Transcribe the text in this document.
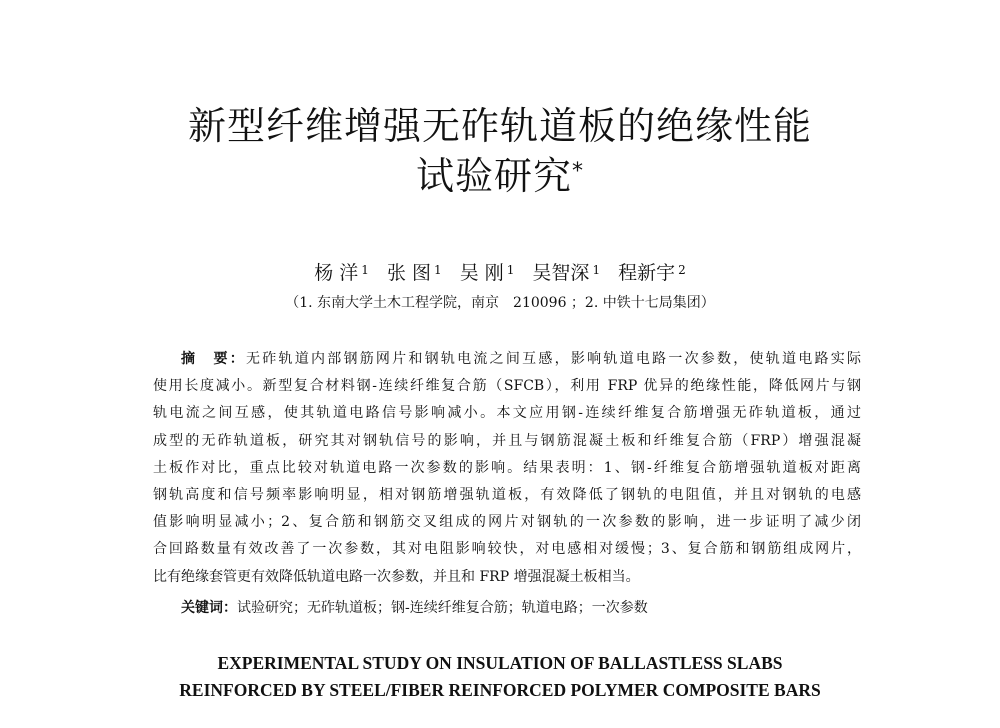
新型纤维增强无砟轨道板的绝缘性能
试验研究*
杨 洋 $^1$ 张 图 $^1$ 吴 刚 $^1$ 吴智深 $^1$ 程新宇 $^2$
（1. 东南大学土木工程学院，南京　210096 ；2. 中铁十七局集团）
摘　要：无砟轨道内部钢筋网片和钢轨电流之间互感，影响轨道电路一次参数，使轨道电路实际
使用长度减小。新型复合材料钢-连续纤维复合筋（SFCB），利用 FRP 优异的绝缘性能，降低网片与钢
轨电流之间互感，使其轨道电路信号影响减小。本文应用钢-连续纤维复合筋增强无砟轨道板，通过
成型的无砟轨道板，研究其对钢轨信号的影响，并且与钢筋混凝土板和纤维复合筋（FRP）增强混凝
土板作对比，重点比较对轨道电路一次参数的影响。结果表明：1、钢-纤维复合筋增强轨道板对距离
钢轨高度和信号频率影响明显，相对钢筋增强轨道板，有效降低了钢轨的电阻值，并且对钢轨的电感
值影响明显减小；2、复合筋和钢筋交叉组成的网片对钢轨的一次参数的影响，进一步证明了减少闭
合回路数量有效改善了一次参数，其对电阻影响较快，对电感相对缓慢；3、复合筋和钢筋组成网片，
比有绝缘套管更有效降低轨道电路一次参数，并且和 FRP 增强混凝土板相当。
关键词：试验研究；无砟轨道板；钢-连续纤维复合筋；轨道电路；一次参数
EXPERIMENTAL STUDY ON INSULATION OF BALLASTLESS SLABS
REINFORCED BY STEEL/FIBER REINFORCED POLYMER COMPOSITE BARS
